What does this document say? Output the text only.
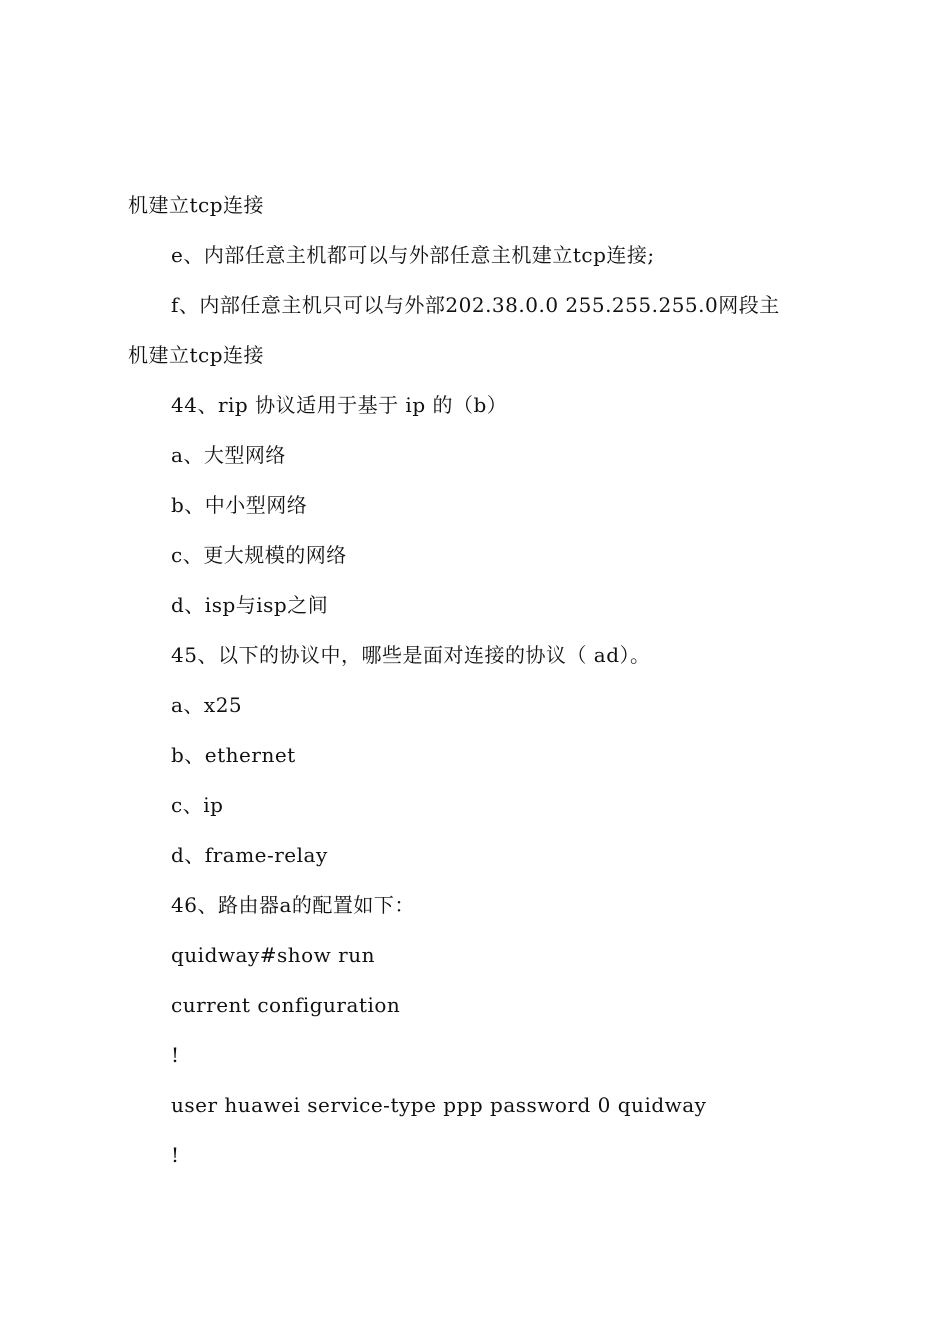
机建立tcp连接
e、内部任意主机都可以与外部任意主机建立tcp连接;
f、内部任意主机只可以与外部202.38.0.0 255.255.255.0网段主
机建立tcp连接
44、rip 协议适用于基于 ip 的（b）
a、大型网络
b、中小型网络
c、更大规模的网络
d、isp与isp之间
45、以下的协议中，哪些是面对连接的协议（ ad）。
a、x25
b、ethernet
c、ip
d、frame-relay
46、路由器a的配置如下：
quidway#show run
current configuration
!
user huawei service-type ppp password 0 quidway
!
